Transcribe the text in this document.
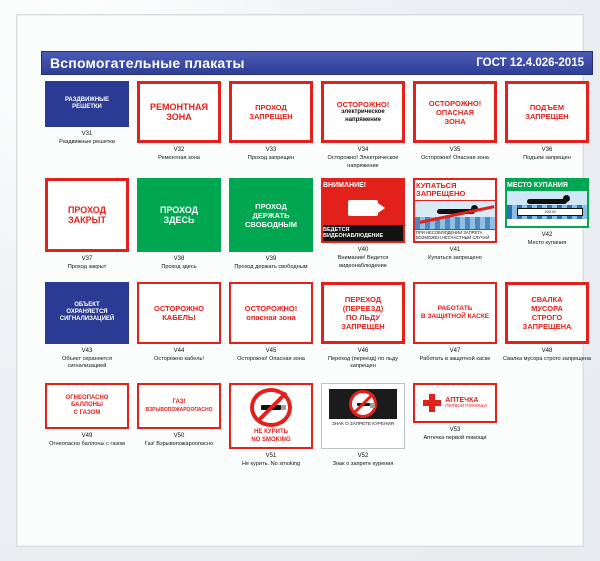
Вспомогательные плакаты	ГОСТ 12.4.026-2015
РАЗДВИЖНЫЕ
РЕШЕТКИ
V31
Раздвижные решетки
РЕМОНТНАЯ
ЗОНА
V32
Ремонтная зона
ПРОХОД
ЗАПРЕЩЕН
V33
Проход запрещен
ОСТОРОЖНО!
электрическое
напряжение
V34
Осторожно! Электрическое напряжение
ОСТОРОЖНО!
ОПАСНАЯ
ЗОНА
V35
Осторожно! Опасная зона
ПОДЪЕМ
ЗАПРЕЩЕН
V36
Подъем запрещен
ПРОХОД
ЗАКРЫТ
V37
Проход закрыт
ПРОХОД
ЗДЕСЬ
V38
Проход здесь
ПРОХОД
ДЕРЖАТЬ
СВОБОДНЫМ
V39
Проход держать свободным
ВНИМАНИЕ!
ВЕДЕТСЯ ВИДЕОНАБЛЮДЕНИЕ
V40
Внимание! Ведется видеонаблюдение
КУПАТЬСЯ ЗАПРЕЩЕНО
ПРИ НЕСОБЛЮДЕНИИ ЗАПРЕТА ВОЗМОЖЕН НЕСЧАСТНЫЙ СЛУЧАЙ
V41
Купаться запрещено
МЕСТО КУПАНИЯ
200 М

V42
Место купания
ОБЪЕКТ
ОХРАНЯЕТСЯ
СИГНАЛИЗАЦИЕЙ
V43
Объект охраняется сигнализацией
ОСТОРОЖНО
КАБЕЛЬ!
V44
Осторожно кабель!
ОСТОРОЖНО!
опасная зона
V45
Осторожно! Опасная зона
ПЕРЕХОД
(ПЕРЕЕЗД)
ПО ЛЬДУ
ЗАПРЕЩЕН
V46
Переход (переезд) по льду запрещен
РАБОТАТЬ
В ЗАЩИТНОЙ КАСКЕ
V47
Работать в защитной каске
СВАЛКА
МУСОРА
СТРОГО
ЗАПРЕЩЕНА
V48
Свалка мусора строго запрещена
ОГНЕОПАСНО
БАЛЛОНЫ
С ГАЗОМ
V49
Огнеопасно баллоны с газом
ГАЗ!
ВЗРЫВОПОЖАРООПАСНО
V50
Газ! Взрывопожароопасно
НЕ КУРИТЬ
NO SMOKING
V51
Не курить. No smoking
ЗНАК О ЗАПРЕТЕ КУРЕНИЯ
V52
Знак о запрете курения
АПТЕЧКА
ПЕРВОЙ ПОМОЩИ
V53
Аптечка первой помощи
